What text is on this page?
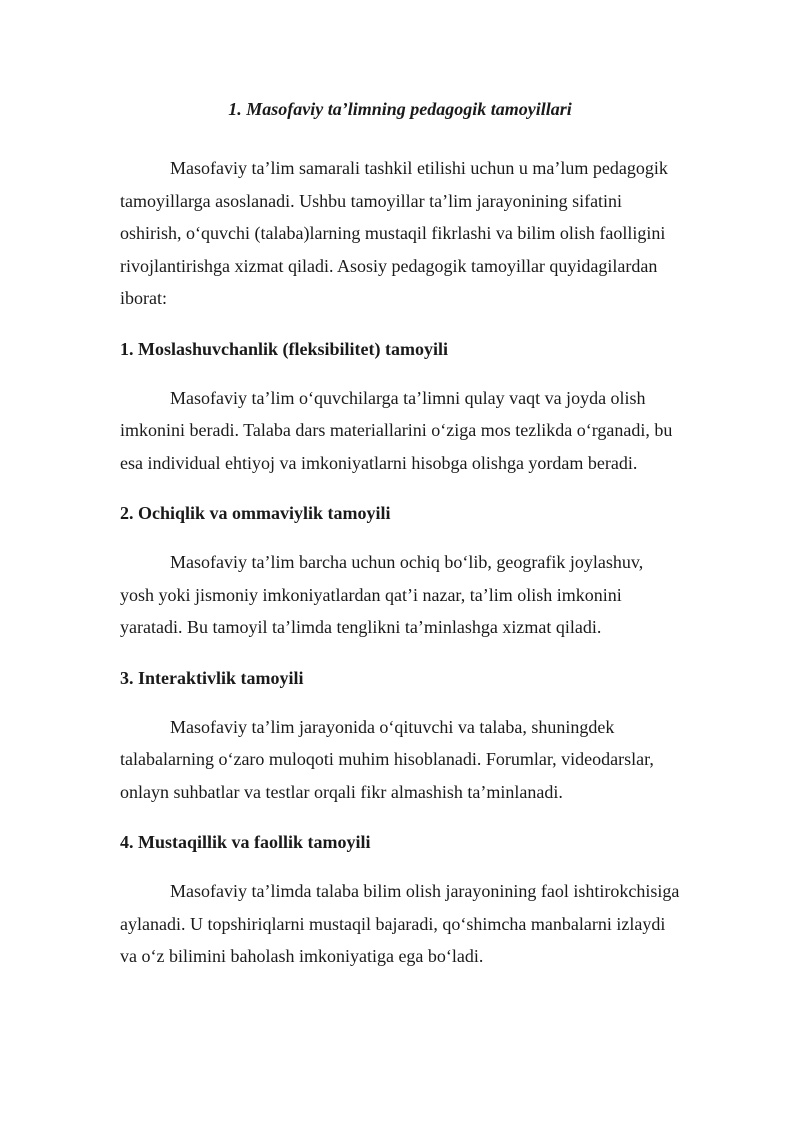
1. Masofaviy ta’limning pedagogik tamoyillari

Masofaviy ta’lim samarali tashkil etilishi uchun u ma’lum pedagogik tamoyillarga asoslanadi. Ushbu tamoyillar ta’lim jarayonining sifatini oshirish, o‘quvchi (talaba)larning mustaqil fikrlashi va bilim olish faolligini rivojlantirishga xizmat qiladi. Asosiy pedagogik tamoyillar quyidagilardan iborat:

1. Moslashuvchanlik (fleksibilitet) tamoyili

Masofaviy ta’lim o‘quvchilarga ta’limni qulay vaqt va joyda olish imkonini beradi. Talaba dars materiallarini o‘ziga mos tezlikda o‘rganadi, bu esa individual ehtiyoj va imkoniyatlarni hisobga olishga yordam beradi.

2. Ochiqlik va ommaviylik tamoyili

Masofaviy ta’lim barcha uchun ochiq bo‘lib, geografik joylashuv, yosh yoki jismoniy imkoniyatlardan qat’i nazar, ta’lim olish imkonini yaratadi. Bu tamoyil ta’limda tenglikni ta’minlashga xizmat qiladi.

3. Interaktivlik tamoyili

Masofaviy ta’lim jarayonida o‘qituvchi va talaba, shuningdek talabalarning o‘zaro muloqoti muhim hisoblanadi. Forumlar, videodarslar, onlayn suhbatlar va testlar orqali fikr almashish ta’minlanadi.

4. Mustaqillik va faollik tamoyili

Masofaviy ta’limda talaba bilim olish jarayonining faol ishtirokchisiga aylanadi. U topshiriqlarni mustaqil bajaradi, qo‘shimcha manbalarni izlaydi va o‘z bilimini baholash imkoniyatiga ega bo‘ladi.
